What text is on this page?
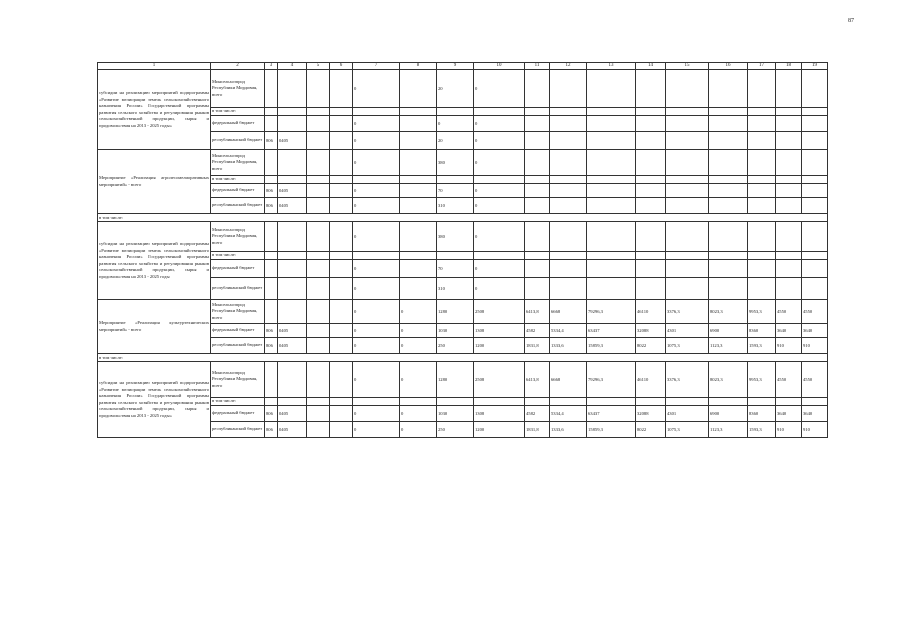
87
1	2	3	4	5	6	7	8	9	10	11	12	13	14	15	16	17	18	19
субсидии на реализацию мероприятий подпрограммы «Развитие мелиорации земель сельскохозяйственного назначения России» Государственной программы развития сельского хозяйства и регулирования рынков сельскохозяйственной продукции, сырья и продовольствия на 2013 - 2025 годы»	Минсельхозпрод Республики Мордовия, всего					0		20	0									
	в том числе:																	
	федеральный бюджет					0		0	0									
	республиканский бюджет	806	0405			0		20	0									
Мероприятие «Реализация агролесомелиоративных мероприятий» - всего	Минсельхозпрод Республики Мордовия, всего					0		380	0									
	в том числе:																	
	федеральный бюджет	806	0405			0		70	0									
	республиканский бюджет	806	0405			0		310	0									
в том числе:																		
субсидии на реализацию мероприятий подпрограммы «Развитие мелиорации земель сельскохозяйственного назначения России» Государственной программы развития сельского хозяйства и регулирования рынков сельскохозяйственной продукции, сырья и продовольствия на 2013 - 2025 годы	Минсельхозпрод Республики Мордовия, всего					0		380	0									
	в том числе:																	
	федеральный бюджет					0		70	0									
	республиканский бюджет					0		310	0									
Мероприятие «Реализация культуртехнических мероприятий» - всего	Минсельхозпрод Республики Мордовия, всего					0	0	1280	2508	6413,8	6668	79296,3	46110	3376,3	8023,3	9953,3	4550	4550
	федеральный бюджет	806	0405			0	0	1030	1308	4582	5334,4	63437	32088	4301	6900	8360	3640	3640
	республиканский бюджет	806	0405			0	0	250	1200	1831,8	1333,6	15859,3	8022	1075,3	1123,3	1593,3	910	910
в том числе:																		
субсидии на реализацию мероприятий подпрограммы «Развитие мелиорации земель сельскохозяйственного назначения России» Государственной программы развития сельского хозяйства и регулирования рынков сельскохозяйственной продукции, сырья и продовольствия на 2013 - 2025 годы»	Минсельхозпрод Республики Мордовия, всего					0	0	1280	2508	6413,8	6668	79296,3	46110	3376,3	8023,3	9953,3	4550	4550
	в том числе:																	
	федеральный бюджет	806	0405			0	0	1030	1308	4582	5334,4	63437	32088	4301	6900	8360	3640	3640
	республиканский бюджет	806	0405			0	0	250	1200	1831,8	1333,6	15859,3	8022	1075,3	1123,3	1593,3	910	910
